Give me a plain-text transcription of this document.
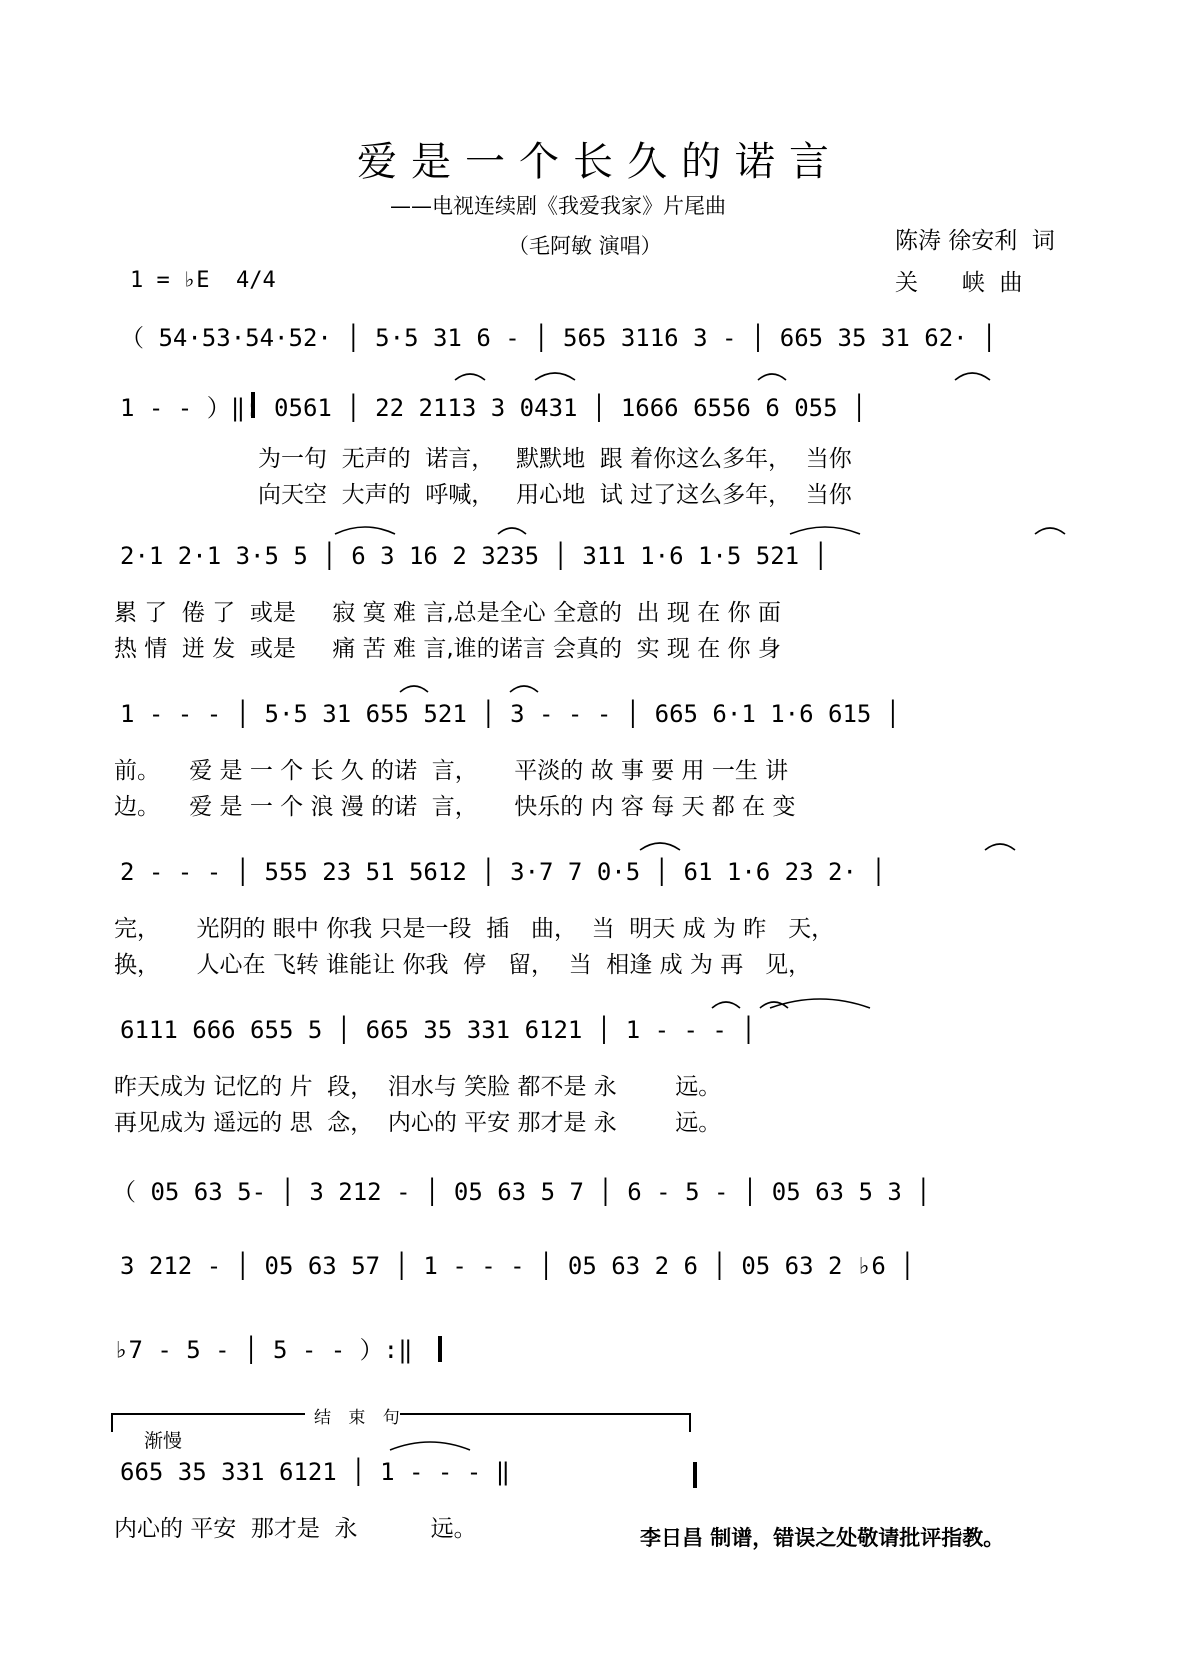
爱是一个长久的诺言
——电视连续剧《我爱我家》片尾曲
（毛阿敏 演唱）	陈涛 徐安利  词
关      峡  曲
1 = ♭E  4/4
（ 54·53·54·52· │ 5·5 31 6 - │ 565 3116 3 - │ 665 35 31 62· │
1 - - ）‖: 0561 │ 22 2113 3 0431 │ 1666 6556 6 055 │
为一句  无声的  诺言，   默默地  跟 着你这么多年，  当你
向天空  大声的  呼喊，   用心地  试 过了这么多年，  当你
2·1 2·1 3·5 5 │ 6 3 16 2 3235 │ 311 1·6 1·5 521 │
累 了  倦 了  或是     寂 寞 难 言,总是全心 全意的  出 现 在 你 面
热 情  迸 发  或是     痛 苦 难 言,谁的诺言 会真的  实 现 在 你 身
1 - - - │ 5·5 31 655 521 │ 3 - - - │ 665 6·1 1·6 615 │
前。    爱 是 一 个 长 久 的诺  言，     平淡的 故 事 要 用 一生 讲
边。    爱 是 一 个 浪 漫 的诺  言，     快乐的 内 容 每 天 都 在 变
2 - - - │ 555 23 51 5612 │ 3·7 7 0·5 │ 61 1·6 23 2· │
完，     光阴的 眼中 你我 只是一段  插   曲，  当  明天 成 为 昨   天，
换，     人心在 飞转 谁能让 你我  停   留，  当  相逢 成 为 再   见，
6111 666 655 5 │ 665 35 331 6121 │ 1 - - - │
昨天成为 记忆的 片  段，  泪水与 笑脸 都不是 永        远。
再见成为 遥远的 思  念，  内心的 平安 那才是 永        远。
（ 05 63 5- │ 3 212 - │ 05 63 5 7 │ 6 - 5 - │ 05 63 5 3 │
3 212 - │ 05 63 57 │ 1 - - - │ 05 63 2 6 │ 05 63 2 ♭6 │
♭7 - 5 - │ 5 - - ）:‖
结 束 句
渐慢
665 35 331 6121 │ 1 - - - ‖
内心的 平安  那才是  永          远。	李日昌 制谱，错误之处敬请批评指教。
